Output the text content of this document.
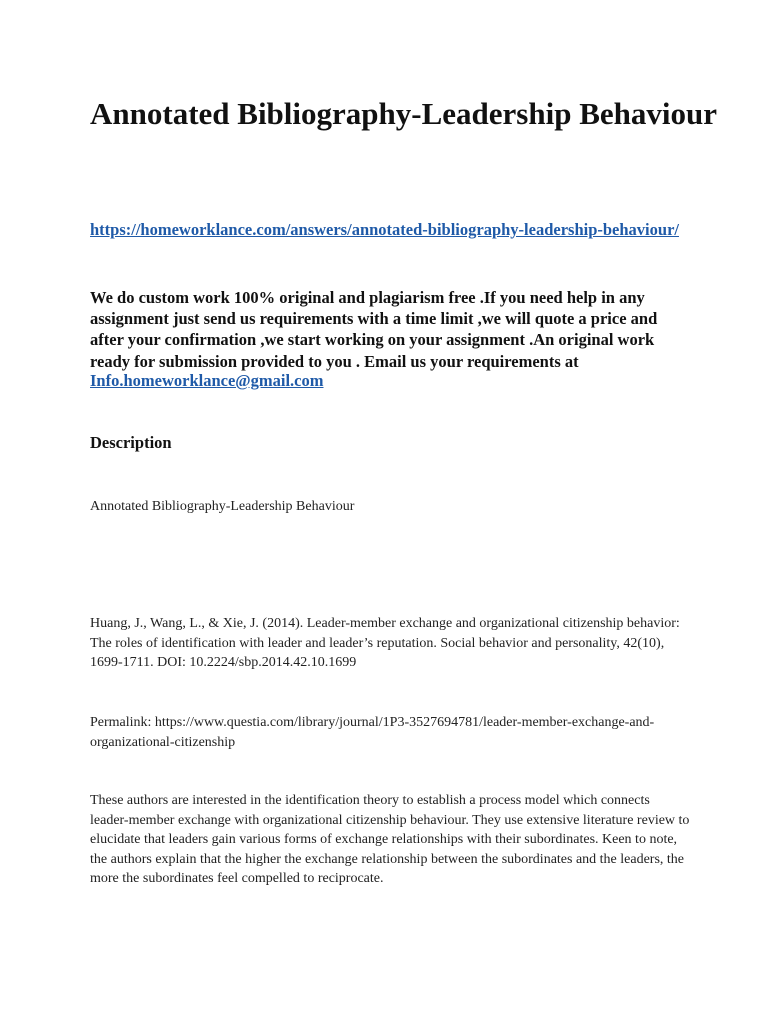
Annotated Bibliography-Leadership Behaviour
https://homeworklance.com/answers/annotated-bibliography-leadership-behaviour/

We do custom work 100% original and plagiarism free .If you need help in any assignment just send us requirements with a time limit ,we will quote a price and after your confirmation ,we start working on your assignment .An original work ready for submission provided to you . Email us your requirements at

Info.homeworklance@gmail.com
Description

Annotated Bibliography-Leadership Behaviour

Huang, J., Wang, L., & Xie, J. (2014). Leader-member exchange and organizational citizenship behavior: The roles of identification with leader and leader’s reputation. Social behavior and personality, 42(10), 1699-1711. DOI: 10.2224/sbp.2014.42.10.1699

Permalink: https://www.questia.com/library/journal/1P3-3527694781/leader-member-exchange-and-organizational-citizenship

These authors are interested in the identification theory to establish a process model which connects leader-member exchange with organizational citizenship behaviour. They use extensive literature review to elucidate that leaders gain various forms of exchange relationships with their subordinates. Keen to note, the authors explain that the higher the exchange relationship between the subordinates and the leaders, the more the subordinates feel compelled to reciprocate.
